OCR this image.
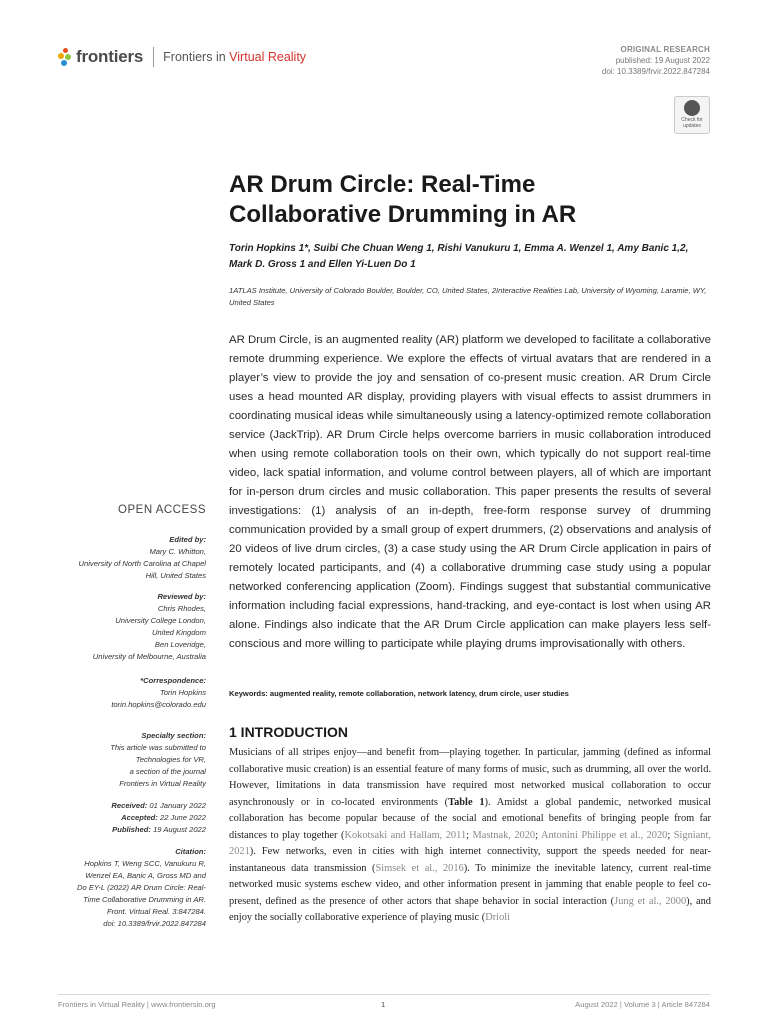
frontiers Frontiers in Virtual Reality
ORIGINAL RESEARCH
published: 19 August 2022
doi: 10.3389/frvir.2022.847284
Check for updates
AR Drum Circle: Real-Time
Collaborative Drumming in AR
Torin Hopkins 1*, Suibi Che Chuan Weng 1, Rishi Vanukuru 1, Emma A. Wenzel 1, Amy Banic 1,2,
Mark D. Gross 1 and Ellen Yi-Luen Do 1
1ATLAS Institute, University of Colorado Boulder, Boulder, CO, United States, 2Interactive Realities Lab, University of Wyoming, Laramie, WY, United States
AR Drum Circle, is an augmented reality (AR) platform we developed to facilitate a collaborative remote drumming experience. We explore the effects of virtual avatars that are rendered in a player’s view to provide the joy and sensation of co-present music creation. AR Drum Circle uses a head mounted AR display, providing players with visual effects to assist drummers in coordinating musical ideas while simultaneously using a latency-optimized remote collaboration service (JackTrip). AR Drum Circle helps overcome barriers in music collaboration introduced when using remote collaboration tools on their own, which typically do not support real-time video, lack spatial information, and volume control between players, all of which are important for in-person drum circles and music collaboration. This paper presents the results of several investigations: (1) analysis of an in-depth, free-form response survey of drumming communication provided by a small group of expert drummers, (2) observations and analysis of 20 videos of live drum circles, (3) a case study using the AR Drum Circle application in pairs of remotely located participants, and (4) a collaborative drumming case study using a popular networked conferencing application (Zoom). Findings suggest that substantial communicative information including facial expressions, hand-tracking, and eye-contact is lost when using AR alone. Findings also indicate that the AR Drum Circle application can make players less self-conscious and more willing to participate while playing drums improvisationally with others.
Keywords: augmented reality, remote collaboration, network latency, drum circle, user studies
1 INTRODUCTION
Musicians of all stripes enjoy—and benefit from—playing together. In particular, jamming (defined as informal collaborative music creation) is an essential feature of many forms of music, such as drumming, all over the world. However, limitations in data transmission have required most networked musical collaboration to occur asynchronously or in co-located environments (Table 1). Amidst a global pandemic, networked musical collaboration has become popular because of the social and emotional benefits of bringing people from far distances to play together (Kokotsaki and Hallam, 2011; Mastnak, 2020; Antonini Philippe et al., 2020; Signiant, 2021). Few networks, even in cities with high internet connectivity, support the speeds needed for near-instantaneous data transmission (Simsek et al., 2016). To minimize the inevitable latency, current real-time networked music systems eschew video, and other information present in jamming that enable people to feel co-present, defined as the presence of other actors that shape behavior in social interaction (Jung et al., 2000), and enjoy the socially collaborative experience of playing music (Drioli
OPEN ACCESS
Edited by:
Mary C. Whitton,
University of North Carolina at Chapel
Hill, United States
Reviewed by:
Chris Rhodes,
University College London,
United Kingdom
Ben Loveridge,
University of Melbourne, Australia
*Correspondence:
Torin Hopkins
torin.hopkins@colorado.edu
Specialty section:
This article was submitted to
Technologies for VR,
a section of the journal
Frontiers in Virtual Reality
Received: 01 January 2022
Accepted: 22 June 2022
Published: 19 August 2022
Citation:
Hopkins T, Weng SCC, Vanukuru R,
Wenzel EA, Banic A, Gross MD and
Do EY-L (2022) AR Drum Circle: Real-
Time Collaborative Drumming in AR.
Front. Virtual Real. 3:847284.
doi: 10.3389/frvir.2022.847284
Frontiers in Virtual Reality | www.frontiersin.org	1	August 2022 | Volume 3 | Article 847284
